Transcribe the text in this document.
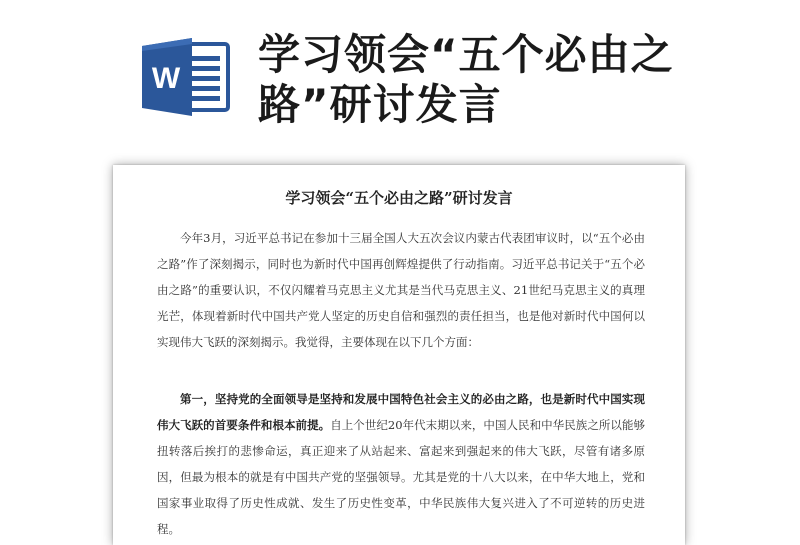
W 学习领会“五个必由之路”研讨发言
学习领会“五个必由之路”研讨发言

今年3月，习近平总书记在参加十三届全国人大五次会议内蒙古代表团审议时，以“五个必由之路”作了深刻揭示，同时也为新时代中国再创辉煌提供了行动指南。习近平总书记关于“五个必由之路”的重要认识，不仅闪耀着马克思主义尤其是当代马克思主义、21世纪马克思主义的真理光芒，体现着新时代中国共产党人坚定的历史自信和强烈的责任担当，也是他对新时代中国何以实现伟大飞跃的深刻揭示。我觉得，主要体现在以下几个方面：

第一，坚持党的全面领导是坚持和发展中国特色社会主义的必由之路，也是新时代中国实现伟大飞跃的首要条件和根本前提。自上个世纪20年代末期以来，中国人民和中华民族之所以能够扭转落后挨打的悲惨命运，真正迎来了从站起来、富起来到强起来的伟大飞跃，尽管有诸多原因，但最为根本的就是有中国共产党的坚强领导。尤其是党的十八大以来，在中华大地上，党和国家事业取得了历史性成就、发生了历史性变革，中华民族伟大复兴进入了不可逆转的历史进程。
